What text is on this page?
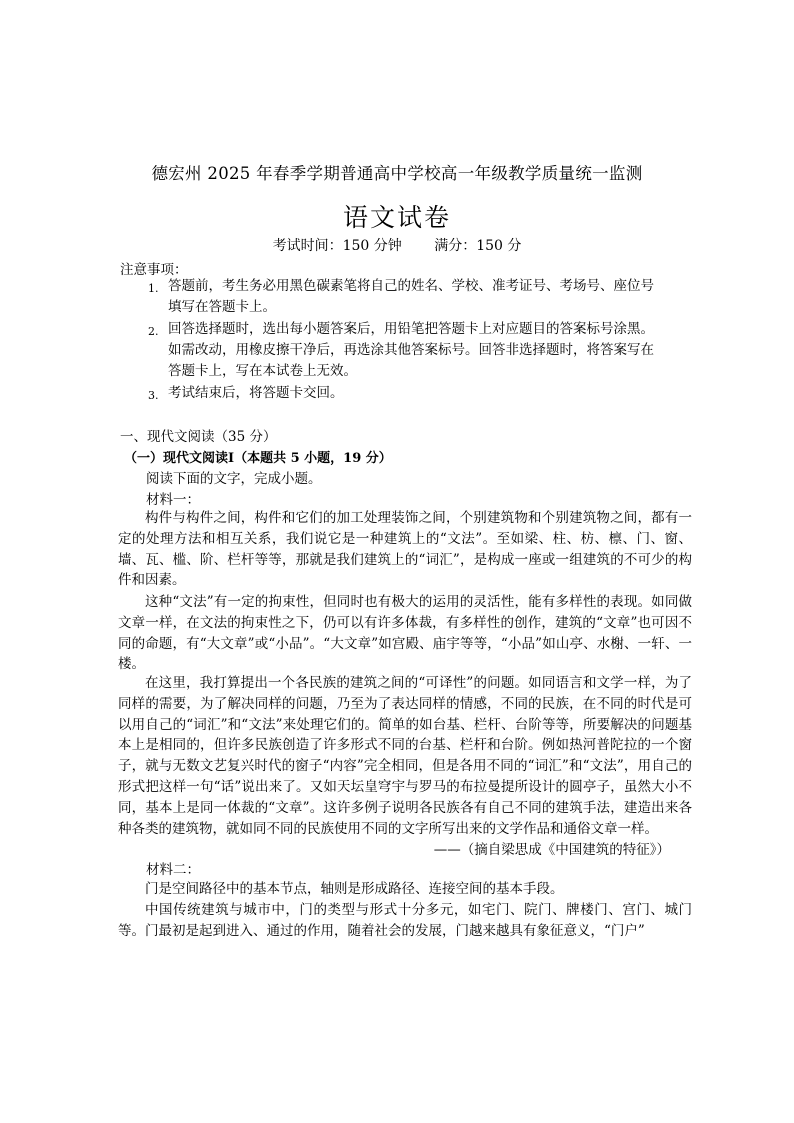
德宏州 2025 年春季学期普通高中学校高一年级教学质量统一监测
语文试卷
考试时间：150 分钟 满分：150 分
注意事项：
1. 答题前，考生务必用黑色碳素笔将自己的姓名、学校、准考证号、考场号、座位号
填写在答题卡上。
2. 回答选择题时，选出每小题答案后，用铅笔把答题卡上对应题目的答案标号涂黑。
如需改动，用橡皮擦干净后，再选涂其他答案标号。回答非选择题时，将答案写在
答题卡上，写在本试卷上无效。
3. 考试结束后，将答题卡交回。
一、现代文阅读（35 分）
（一）现代文阅读Ⅰ（本题共 5 小题，19 分）
阅读下面的文字，完成小题。
材料一：

构件与构件之间，构件和它们的加工处理装饰之间，个别建筑物和个别建筑物之间，都有一定的处理方法和相互关系，我们说它是一种建筑上的“文法”。至如梁、柱、枋、檩、门、窗、墙、瓦、槛、阶、栏杆等等，那就是我们建筑上的“词汇”，是构成一座或一组建筑的不可少的构件和因素。

这种“文法”有一定的拘束性，但同时也有极大的运用的灵活性，能有多样性的表现。如同做文章一样，在文法的拘束性之下，仍可以有许多体裁，有多样性的创作，建筑的“文章”也可因不同的命题，有“大文章”或“小品”。“大文章”如宫殿、庙宇等等，“小品”如山亭、水榭、一轩、一楼。

在这里，我打算提出一个各民族的建筑之间的“可译性”的问题。如同语言和文学一样，为了同样的需要，为了解决同样的问题，乃至为了表达同样的情感，不同的民族，在不同的时代是可以用自己的“词汇”和“文法”来处理它们的。简单的如台基、栏杆、台阶等等，所要解决的问题基本上是相同的，但许多民族创造了许多形式不同的台基、栏杆和台阶。例如热河普陀拉的一个窗子，就与无数文艺复兴时代的窗子“内容”完全相同，但是各用不同的“词汇”和“文法”，用自己的形式把这样一句“话”说出来了。又如天坛皇穹宇与罗马的布拉曼提所设计的圆亭子，虽然大小不同，基本上是同一体裁的“文章”。这许多例子说明各民族各有自己不同的建筑手法，建造出来各种各类的建筑物，就如同不同的民族使用不同的文字所写出来的文学作品和通俗文章一样。

——（摘自梁思成《中国建筑的特征》）
材料二：

门是空间路径中的基本节点，轴则是形成路径、连接空间的基本手段。

中国传统建筑与城市中，门的类型与形式十分多元，如宅门、院门、牌楼门、宫门、城门等。门最初是起到进入、通过的作用，随着社会的发展，门越来越具有象征意义，“门户”
